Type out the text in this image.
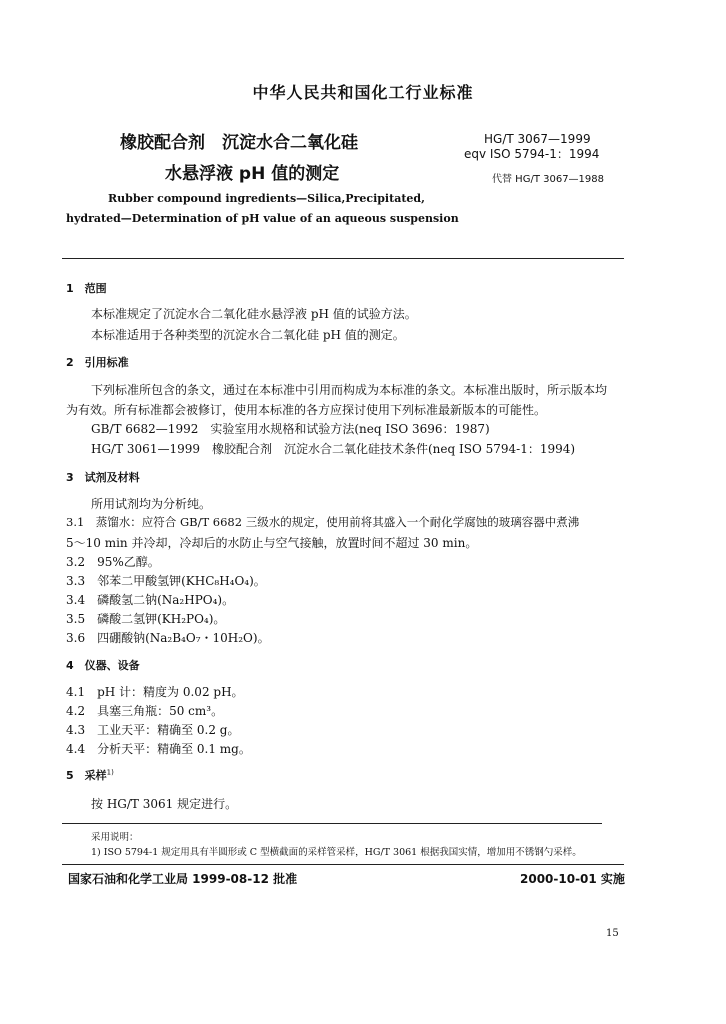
中华人民共和国化工行业标准
橡胶配合剂　沉淀水合二氧化硅
水悬浮液 pH 值的测定
HG/T 3067—1999
eqv ISO 5794-1：1994
代替 HG/T 3067—1988
Rubber compound ingredients—Silica,Precipitated,
hydrated—Determination of pH value of an aqueous suspension
1　范围
本标准规定了沉淀水合二氧化硅水悬浮液 pH 值的试验方法。
本标准适用于各种类型的沉淀水合二氧化硅 pH 值的测定。
2　引用标准
下列标准所包含的条文，通过在本标准中引用而构成为本标准的条文。本标准出版时，所示版本均
为有效。所有标准都会被修订，使用本标准的各方应探讨使用下列标准最新版本的可能性。
GB/T 6682—1992　实验室用水规格和试验方法(neq ISO 3696：1987)
HG/T 3061—1999　橡胶配合剂　沉淀水合二氧化硅技术条件(neq ISO 5794-1：1994)
3　试剂及材料
所用试剂均为分析纯。
3.1　蒸馏水：应符合 GB/T 6682 三级水的规定，使用前将其盛入一个耐化学腐蚀的玻璃容器中煮沸
5～10 min 并冷却，冷却后的水防止与空气接触，放置时间不超过 30 min。
3.2　95%乙醇。
3.3　邻苯二甲酸氢钾(KHC₈H₄O₄)。
3.4　磷酸氢二钠(Na₂HPO₄)。
3.5　磷酸二氢钾(KH₂PO₄)。
3.6　四硼酸钠(Na₂B₄O₇・10H₂O)。
4　仪器、设备
4.1　pH 计：精度为 0.02 pH。
4.2　具塞三角瓶：50 cm³。
4.3　工业天平：精确至 0.2 g。
4.4　分析天平：精确至 0.1 mg。
5　采样$^{1)}$
按 HG/T 3061 规定进行。
采用说明：
1) ISO 5794-1 规定用具有半圆形或 C 型横截面的采样管采样，HG/T 3061 根据我国实情，增加用不锈钢勺采样。
国家石油和化学工业局 1999-08-12 批准	2000-10-01 实施
15
